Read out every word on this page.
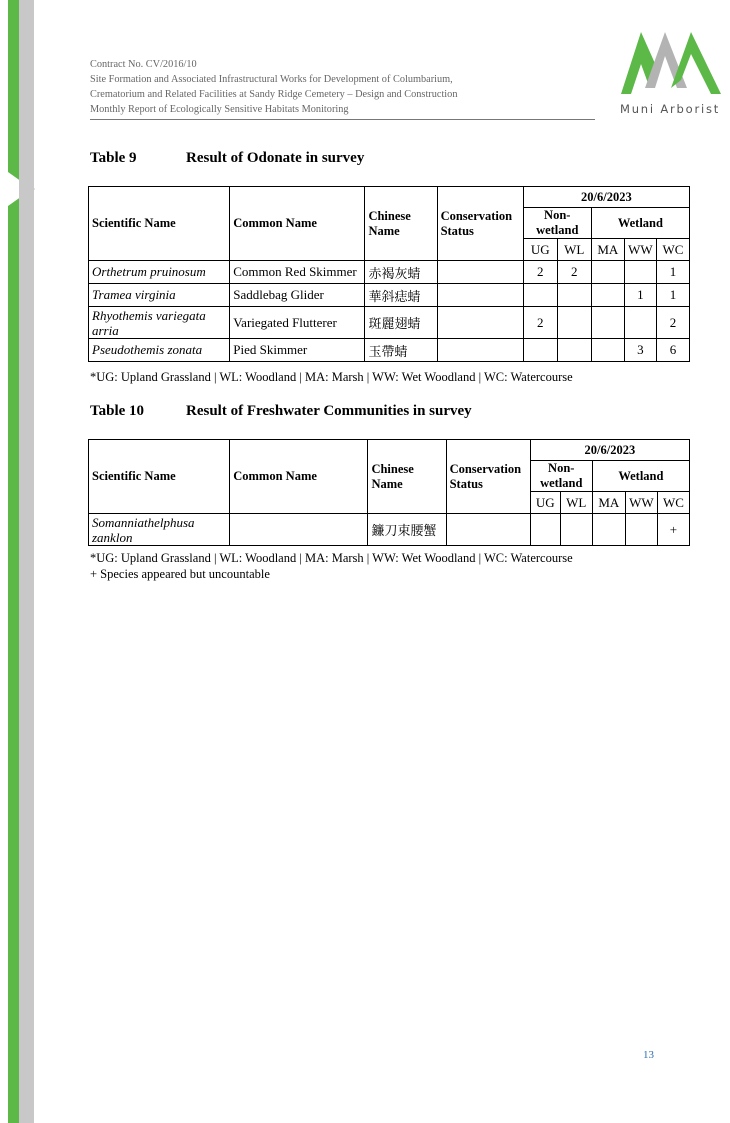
Contract No. CV/2016/10
Site Formation and Associated Infrastructural Works for Development of Columbarium,
Crematorium and Related Facilities at Sandy Ridge Cemetery – Design and Construction
Monthly Report of Ecologically Sensitive Habitats Monitoring	Muni Arborist
Table 9	Result of Odonate in survey
Scientific Name	Common Name	Chinese Name	Conservation Status	20/6/2023				
				Non-wetland		Wetland		
				UG	WL	MA	WW	WC
Orthetrum pruinosum	Common Red Skimmer	赤褐灰蜻		2	2			1
Tramea virginia	Saddlebag Glider	華斜痣蜻					1	1
Rhyothemis variegata arria	Variegated Flutterer	斑麗翅蜻		2				2
Pseudothemis zonata	Pied Skimmer	玉帶蜻					3	6
*UG: Upland Grassland | WL: Woodland | MA: Marsh | WW: Wet Woodland | WC: Watercourse
Table 10	Result of Freshwater Communities in survey
Scientific Name	Common Name	Chinese Name	Conservation Status	20/6/2023				
				Non-wetland		Wetland		
				UG	WL	MA	WW	WC
Somanniathelphusa zanklon		鐮刀束腰蟹						+
*UG: Upland Grassland | WL: Woodland | MA: Marsh | WW: Wet Woodland | WC: Watercourse
+ Species appeared but uncountable
13
